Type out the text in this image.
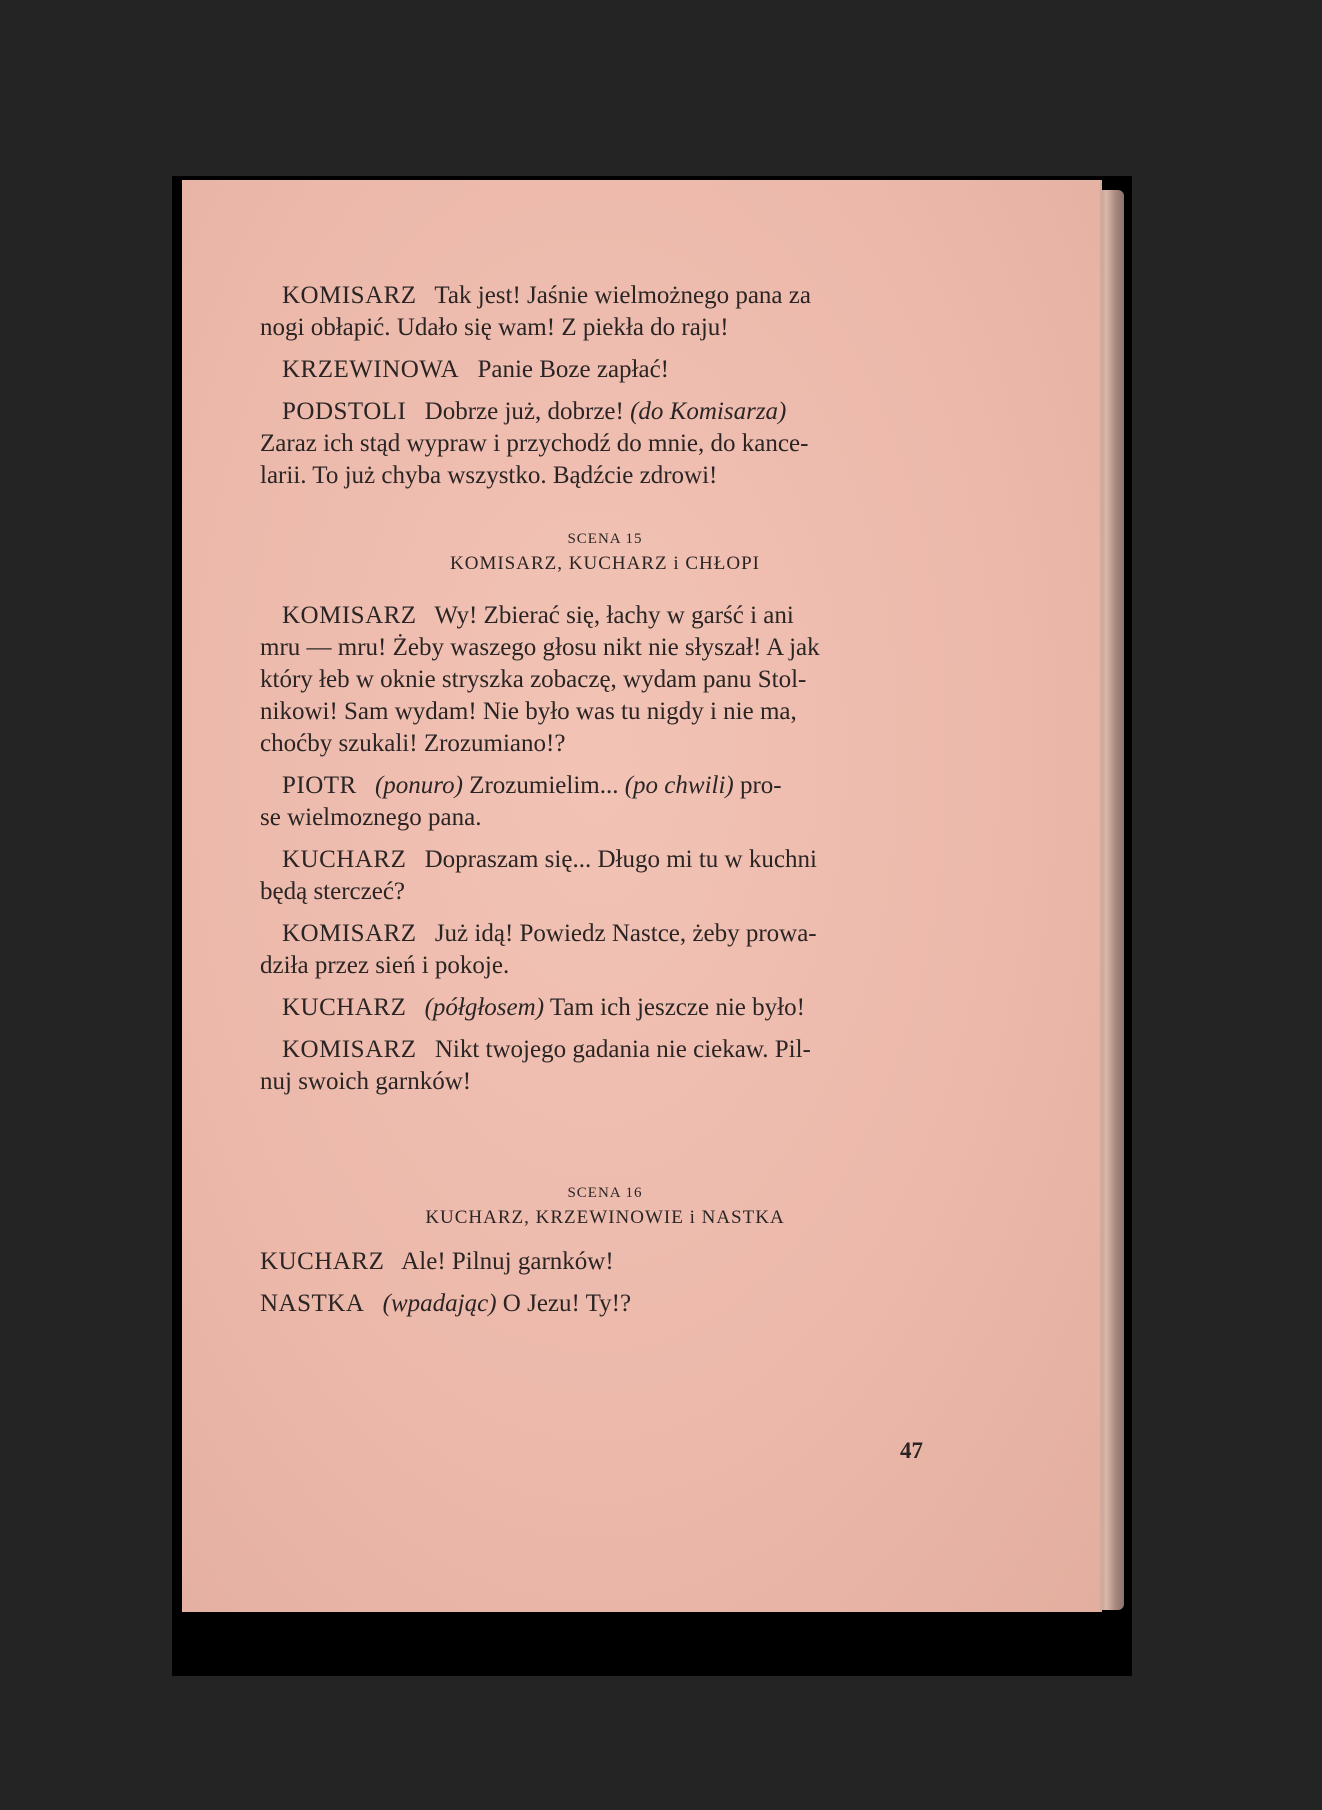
KOMISARZ Tak jest! Jaśnie wielmożnego pana za
nogi obłapić. Udało się wam! Z piekła do raju!

KRZEWINOWA Panie Boze zapłać!

PODSTOLI Dobrze już, dobrze! (do Komisarza)
Zaraz ich stąd wypraw i przychodź do mnie, do kance-
larii. To już chyba wszystko. Bądźcie zdrowi!

SCENA 15
KOMISARZ, KUCHARZ i CHŁOPI

KOMISARZ Wy! Zbierać się, łachy w garść i ani
mru — mru! Żeby waszego głosu nikt nie słyszał! A jak
który łeb w oknie stryszka zobaczę, wydam panu Stol-
nikowi! Sam wydam! Nie było was tu nigdy i nie ma,
choćby szukali! Zrozumiano!?

PIOTR (ponuro) Zrozumielim... (po chwili) pro-
se wielmoznego pana.

KUCHARZ Dopraszam się... Długo mi tu w kuchni
będą sterczeć?

KOMISARZ Już idą! Powiedz Nastce, żeby prowa-
dziła przez sień i pokoje.

KUCHARZ (półgłosem) Tam ich jeszcze nie było!

KOMISARZ Nikt twojego gadania nie ciekaw. Pil-
nuj swoich garnków!

SCENA 16
KUCHARZ, KRZEWINOWIE i NASTKA

KUCHARZ Ale! Pilnuj garnków!

NASTKA (wpadając) O Jezu! Ty!?

47
